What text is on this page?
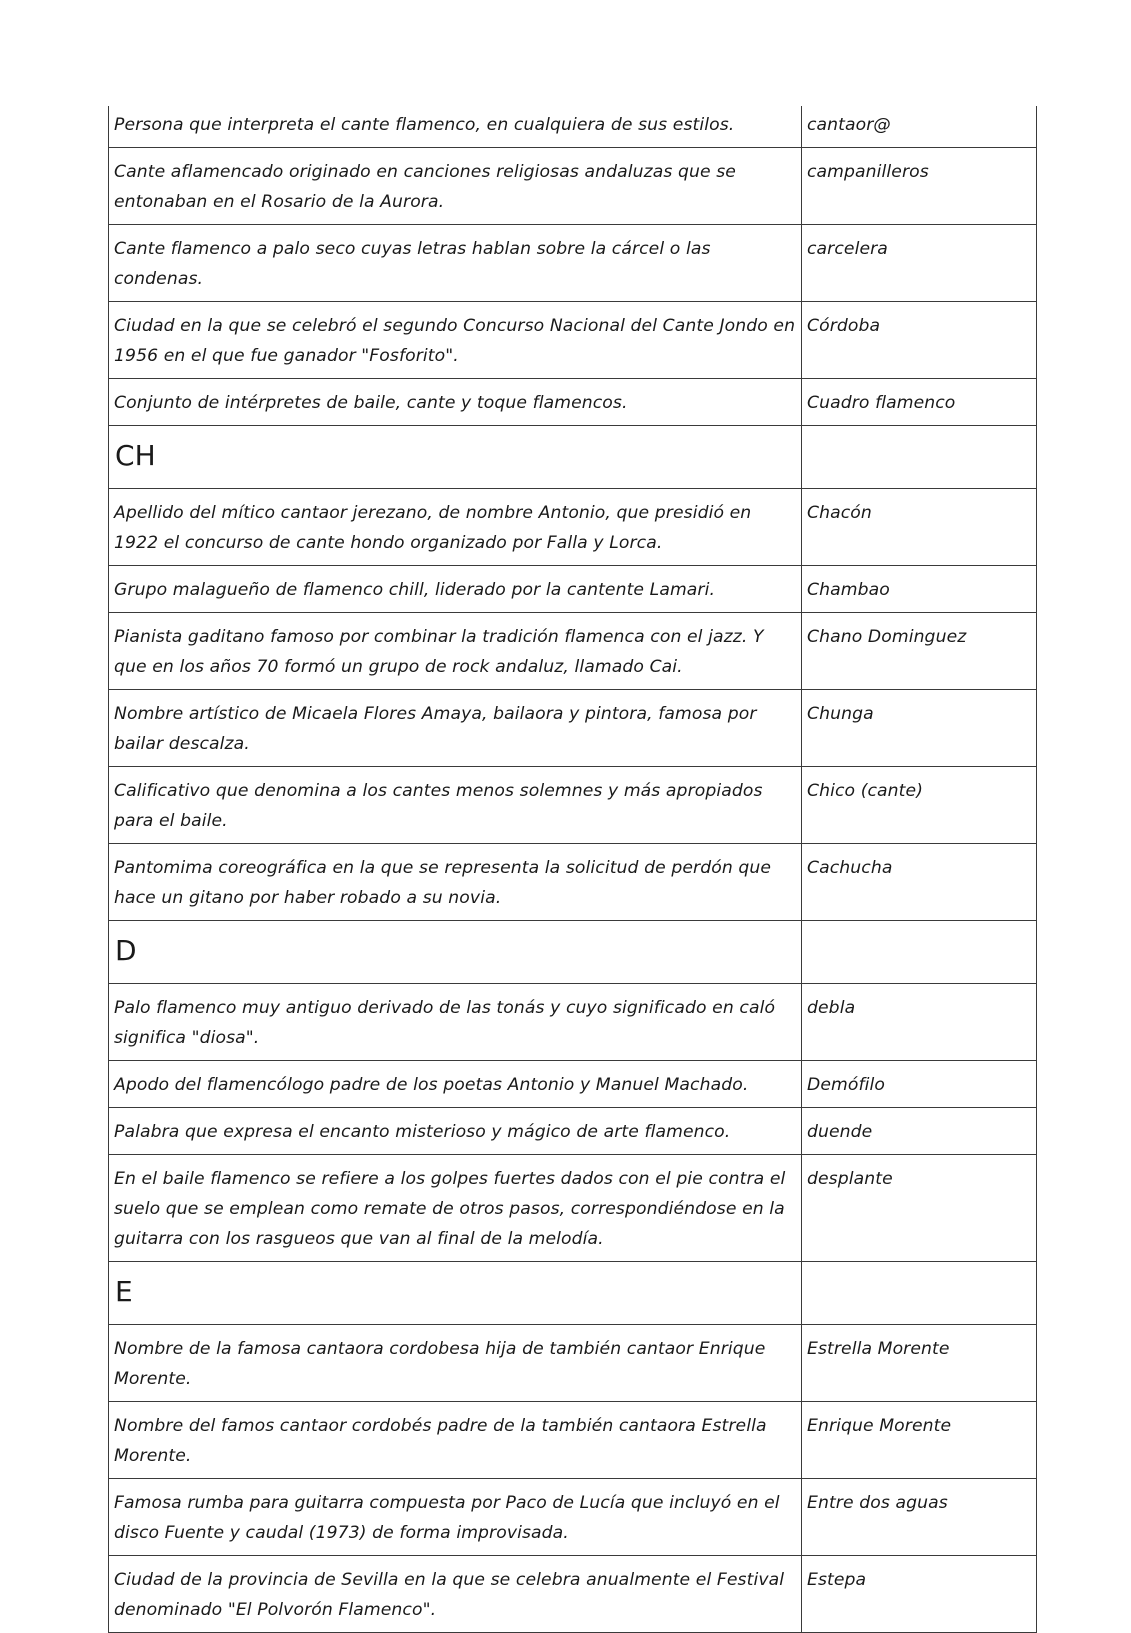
Persona que interpreta el cante flamenco, en cualquiera de sus estilos.	cantaor@
Cante aflamencado originado en canciones religiosas andaluzas que se entonaban en el Rosario de la Aurora.	campanilleros
Cante flamenco a palo seco cuyas letras hablan sobre la cárcel o las condenas.	carcelera
Ciudad en la que se celebró el segundo Concurso Nacional del Cante Jondo en 1956 en el que fue ganador "Fosforito".	Córdoba
Conjunto de intérpretes de baile, cante y toque flamencos.	Cuadro flamenco
CH	
Apellido del mítico cantaor jerezano, de nombre Antonio, que presidió en 1922 el concurso de cante hondo organizado por Falla y Lorca.	Chacón
Grupo malagueño de flamenco chill, liderado por la cantente Lamari.	Chambao
Pianista gaditano famoso por combinar la tradición flamenca con el jazz. Y que en los años 70 formó un grupo de rock andaluz, llamado Cai.	Chano Dominguez
Nombre artístico de Micaela Flores Amaya, bailaora y pintora, famosa por bailar descalza.	Chunga
Calificativo que denomina a los cantes menos solemnes y más apropiados para el baile.	Chico (cante)
Pantomima coreográfica en la que se representa la solicitud de perdón que hace un gitano por haber robado a su novia.	Cachucha
D	
Palo flamenco muy antiguo derivado de las tonás y cuyo significado en caló significa "diosa".	debla
Apodo del flamencólogo padre de los poetas Antonio y Manuel Machado.	Demófilo
Palabra que expresa el encanto misterioso y mágico de arte flamenco.	duende
En el baile flamenco se refiere a los golpes fuertes dados con el pie contra el suelo que se emplean como remate de otros pasos, correspondiéndose en la guitarra con los rasgueos que van al final de la melodía.	desplante
E	
Nombre de la famosa cantaora cordobesa hija de también cantaor Enrique Morente.	Estrella Morente
Nombre del famos cantaor cordobés padre de la también cantaora Estrella Morente.	Enrique Morente
Famosa rumba para guitarra compuesta por Paco de Lucía que incluyó en el disco Fuente y caudal (1973) de forma improvisada.	Entre dos aguas
Ciudad de la provincia de Sevilla en la que se celebra anualmente el Festival denominado "El Polvorón Flamenco".	Estepa
